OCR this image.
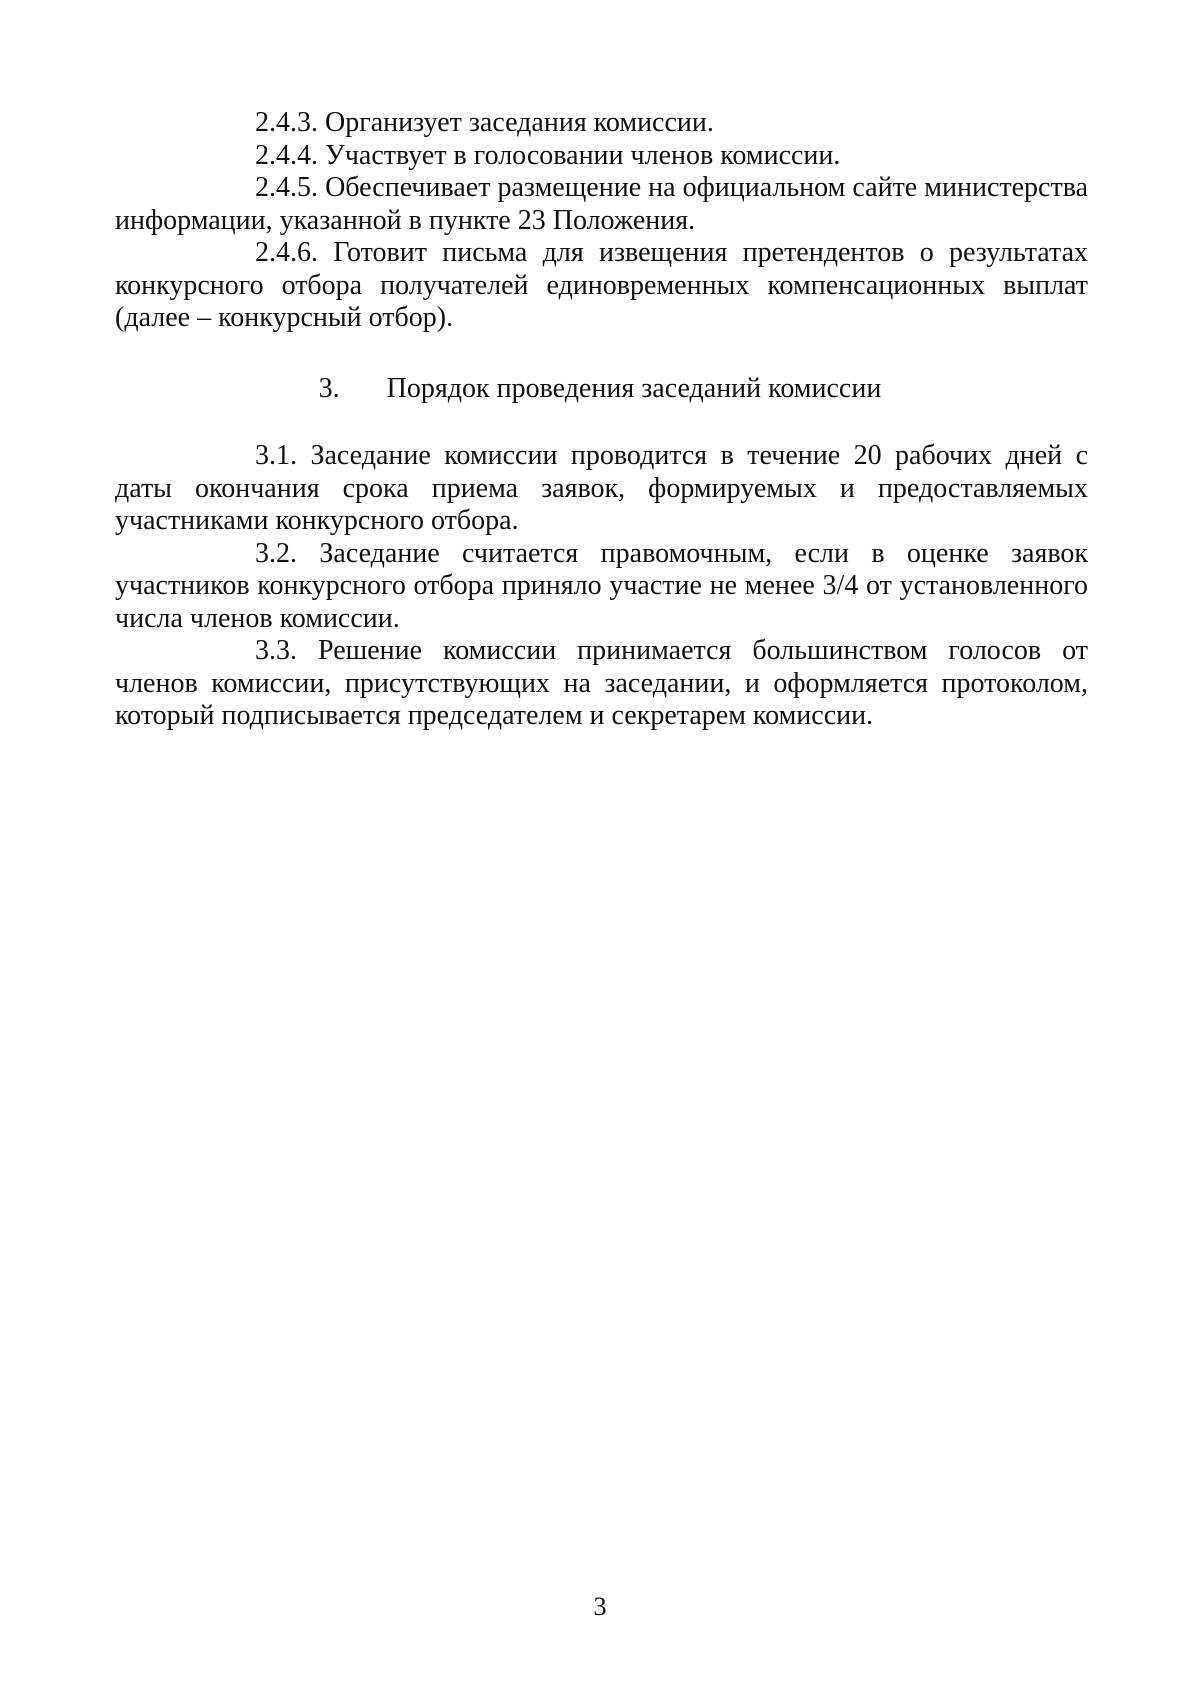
2.4.3. Организует заседания комиссии.

2.4.4. Участвует в голосовании членов комиссии.

2.4.5. Обеспечивает размещение на официальном сайте министерства информации, указанной в пункте 23 Положения.

2.4.6. Готовит письма для извещения претендентов о результатах конкурсного отбора получателей единовременных компенсационных выплат (далее – конкурсный отбор).

3. Порядок проведения заседаний комиссии

3.1. Заседание комиссии проводится в течение 20 рабочих дней с даты окончания срока приема заявок, формируемых и предоставляемых участниками конкурсного отбора.

3.2. Заседание считается правомочным, если в оценке заявок участников конкурсного отбора приняло участие не менее 3/4 от установленного числа членов комиссии.

3.3. Решение комиссии принимается большинством голосов от членов комиссии, присутствующих на заседании, и оформляется протоколом, который подписывается председателем и секретарем комиссии.

3
